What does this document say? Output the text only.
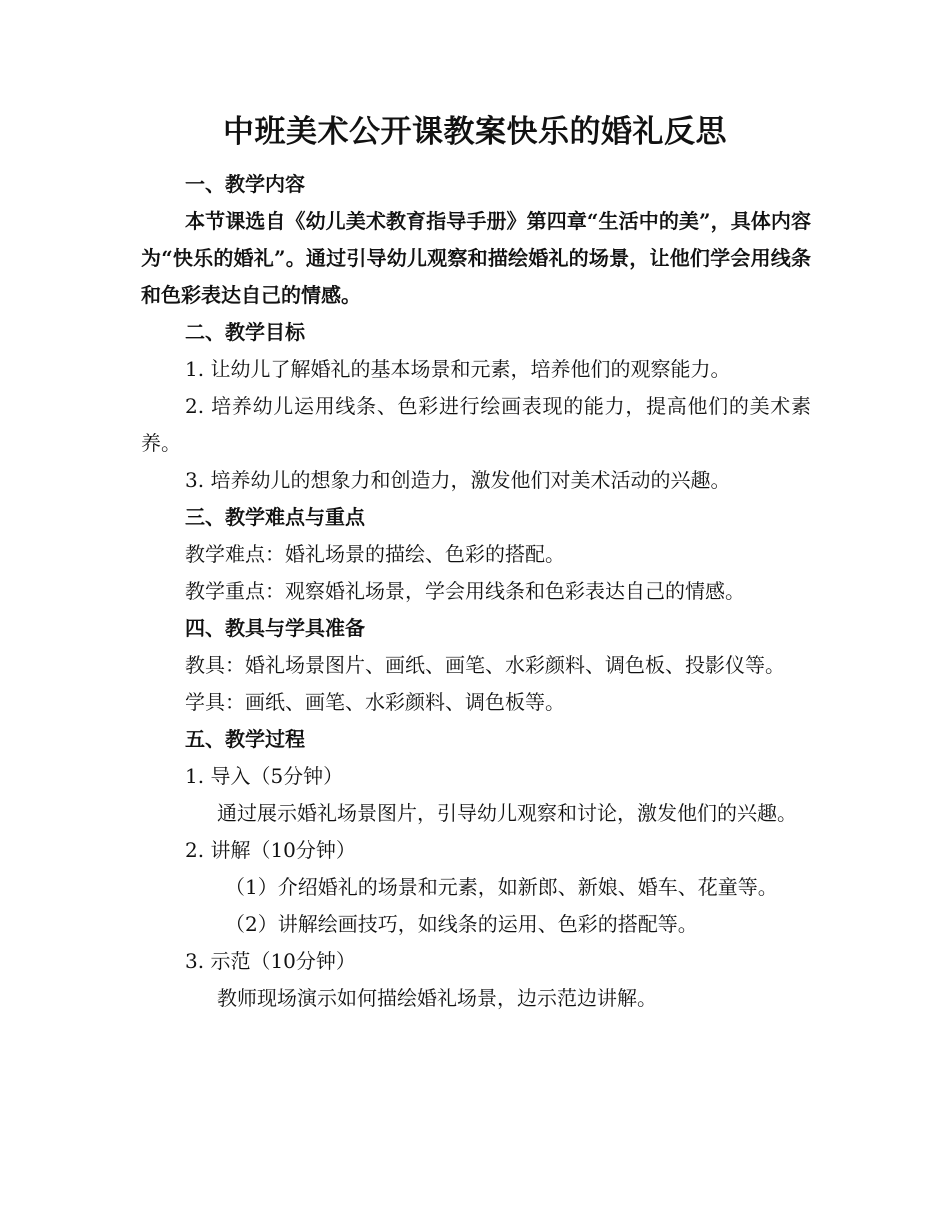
中班美术公开课教案快乐的婚礼反思

一、教学内容

本节课选自《幼儿美术教育指导手册》第四章“生活中的美”，具体内容为“快乐的婚礼”。通过引导幼儿观察和描绘婚礼的场景，让他们学会用线条和色彩表达自己的情感。

二、教学目标

1. 让幼儿了解婚礼的基本场景和元素，培养他们的观察能力。

2. 培养幼儿运用线条、色彩进行绘画表现的能力，提高他们的美术素养。

3. 培养幼儿的想象力和创造力，激发他们对美术活动的兴趣。

三、教学难点与重点

教学难点：婚礼场景的描绘、色彩的搭配。

教学重点：观察婚礼场景，学会用线条和色彩表达自己的情感。

四、教具与学具准备

教具：婚礼场景图片、画纸、画笔、水彩颜料、调色板、投影仪等。

学具：画纸、画笔、水彩颜料、调色板等。

五、教学过程

1. 导入（5分钟）

通过展示婚礼场景图片，引导幼儿观察和讨论，激发他们的兴趣。

2. 讲解（10分钟）

（1）介绍婚礼的场景和元素，如新郎、新娘、婚车、花童等。

（2）讲解绘画技巧，如线条的运用、色彩的搭配等。

3. 示范（10分钟）

教师现场演示如何描绘婚礼场景，边示范边讲解。
